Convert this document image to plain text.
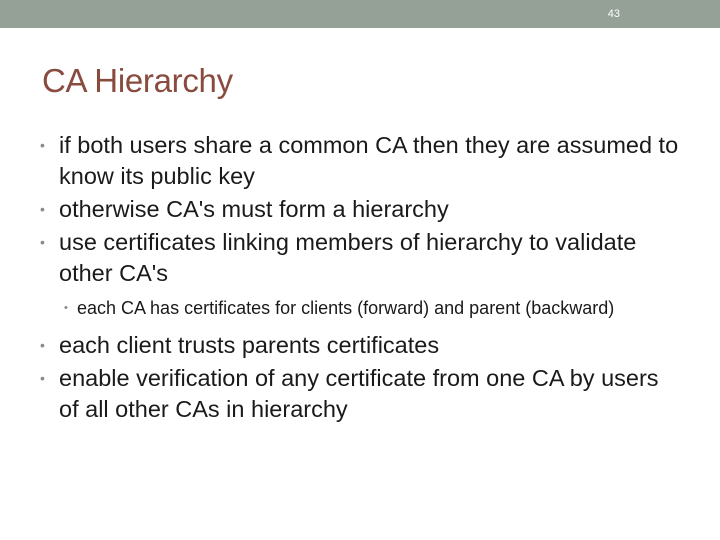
43
CA Hierarchy
• if both users share a common CA then they are assumed to know its public key
• otherwise CA's must form a hierarchy
• use certificates linking members of hierarchy to validate other CA's
• each CA has certificates for clients (forward) and parent (backward)
• each client trusts parents certificates
• enable verification of any certificate from one CA by users of all other CAs in hierarchy
